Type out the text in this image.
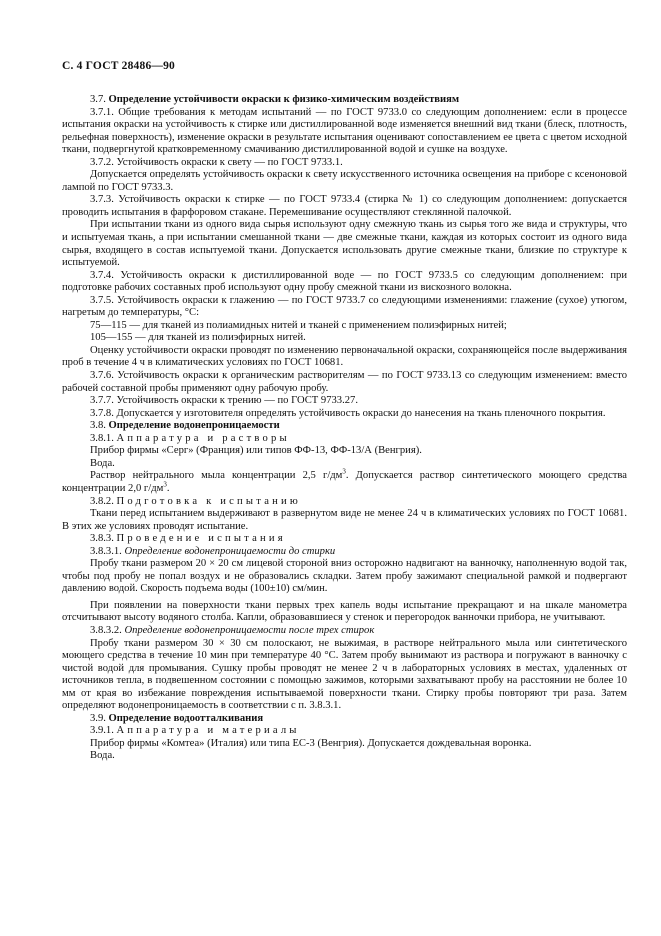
С. 4 ГОСТ 28486—90

3.7. Определение устойчивости окраски к физико-химическим воздействиям

3.7.1. Общие требования к методам испытаний — по ГОСТ 9733.0 со следующим дополнением: если в процессе испытания окраски на устойчивость к стирке или дистиллированной воде изменяется внешний вид ткани (блеск, плотность, рельефная поверхность), изменение окраски в результате испытания оценивают сопоставлением ее цвета с цветом исходной ткани, подвергнутой кратковременному смачиванию дистиллированной водой и сушке на воздухе.

3.7.2. Устойчивость окраски к свету — по ГОСТ 9733.1.

Допускается определять устойчивость окраски к свету искусственного источника освещения на приборе с ксеноновой лампой по ГОСТ 9733.3.

3.7.3. Устойчивость окраски к стирке — по ГОСТ 9733.4 (стирка № 1) со следующим дополнением: допускается проводить испытания в фарфоровом стакане. Перемешивание осуществляют стеклянной палочкой.

При испытании ткани из одного вида сырья используют одну смежную ткань из сырья того же вида и структуры, что и испытуемая ткань, а при испытании смешанной ткани — две смежные ткани, каждая из которых состоит из одного вида сырья, входящего в состав испытуемой ткани. Допускается использовать другие смежные ткани, близкие по структуре к испытуемой.

3.7.4. Устойчивость окраски к дистиллированной воде — по ГОСТ 9733.5 со следующим дополнением: при подготовке рабочих составных проб используют одну пробу смежной ткани из вискозного волокна.

3.7.5. Устойчивость окраски к глажению — по ГОСТ 9733.7 со следующими изменениями: глажение (сухое) утюгом, нагретым до температуры, °С:

75—115 — для тканей из полиамидных нитей и тканей с применением полиэфирных нитей;

105—155 — для тканей из полиэфирных нитей.

Оценку устойчивости окраски проводят по изменению первоначальной окраски, сохраняющейся после выдерживания проб в течение 4 ч в климатических условиях по ГОСТ 10681.

3.7.6. Устойчивость окраски к органическим растворителям — по ГОСТ 9733.13 со следующим изменением: вместо рабочей составной пробы применяют одну рабочую пробу.

3.7.7. Устойчивость окраски к трению — по ГОСТ 9733.27.

3.7.8. Допускается у изготовителя определять устойчивость окраски до нанесения на ткань пленочного покрытия.

3.8. Определение водонепроницаемости

3.8.1. Аппаратура и растворы

Прибор фирмы «Серг» (Франция) или типов ФФ-13, ФФ-13/А (Венгрия).

Вода.

Раствор нейтрального мыла концентрации 2,5 $г/дм^3$. Допускается раствор синтетического моющего средства концентрации 2,0 $г/дм^3$.

3.8.2. Подготовка к испытанию

Ткани перед испытанием выдерживают в развернутом виде не менее 24 ч в климатических условиях по ГОСТ 10681. В этих же условиях проводят испытание.

3.8.3. Проведение испытания

3.8.3.1. Определение водонепроницаемости до стирки

Пробу ткани размером 20 × 20 см лицевой стороной вниз осторожно надвигают на ванночку, наполненную водой так, чтобы под пробу не попал воздух и не образовались складки. Затем пробу зажимают специальной рамкой и подвергают давлению водой. Скорость подъема воды (100±10) см/мин.

При появлении на поверхности ткани первых трех капель воды испытание прекращают и на шкале манометра отсчитывают высоту водяного столба. Капли, образовавшиеся у стенок и перегородок ванночки прибора, не учитывают.

3.8.3.2. Определение водонепроницаемости после трех стирок

Пробу ткани размером 30 × 30 см полоскают, не выжимая, в растворе нейтрального мыла или синтетического моющего средства в течение 10 мин при температуре 40 °С. Затем пробу вынимают из раствора и погружают в ванночку с чистой водой для промывания. Сушку пробы проводят не менее 2 ч в лабораторных условиях в местах, удаленных от источников тепла, в подвешенном состоянии с помощью зажимов, которыми захватывают пробу на расстоянии не более 10 мм от края во избежание повреждения испытываемой поверхности ткани. Стирку пробы повторяют три раза. Затем определяют водонепроницаемость в соответствии с п. 3.8.3.1.

3.9. Определение водоотталкивания

3.9.1. Аппаратура и материалы

Прибор фирмы «Комтеа» (Италия) или типа ЕС-3 (Венгрия). Допускается дождевальная воронка.

Вода.
